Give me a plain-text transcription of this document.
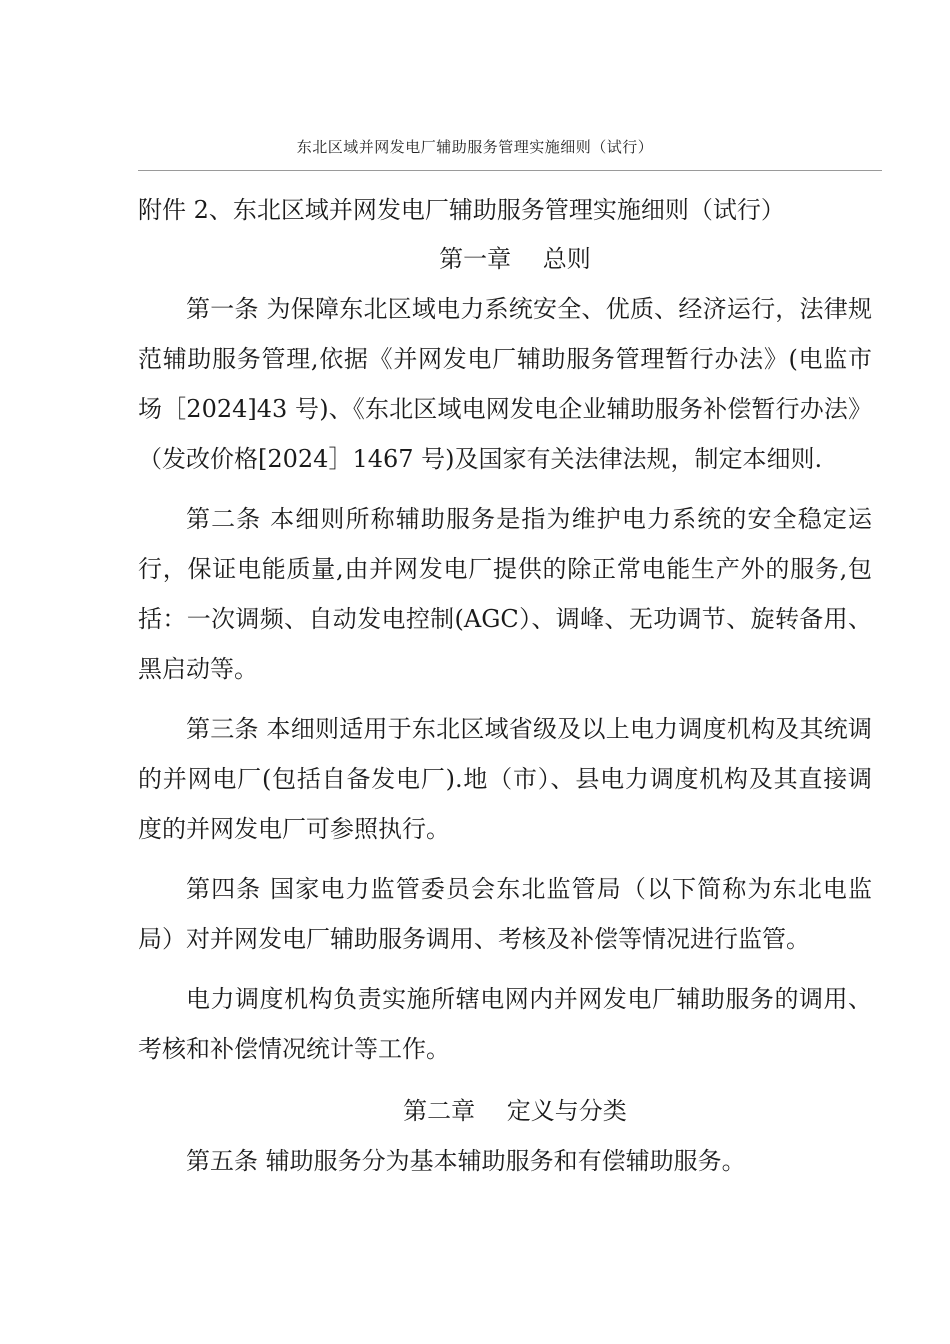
东北区域并网发电厂辅助服务管理实施细则（试行）
附件 2、东北区域并网发电厂辅助服务管理实施细则（试行）
第一章　 总则

第一条 为保障东北区域电力系统安全、优质、经济运行，法律规范辅助服务管理,依据《并网发电厂辅助服务管理暂行办法》(电监市场［2024]43 号)、《东北区域电网发电企业辅助服务补偿暂行办法》（发改价格[2024］1467 号)及国家有关法律法规，制定本细则.

第二条 本细则所称辅助服务是指为维护电力系统的安全稳定运行，保证电能质量,由并网发电厂提供的除正常电能生产外的服务,包括：一次调频、自动发电控制(AGC）、调峰、无功调节、旋转备用、黑启动等。

第三条 本细则适用于东北区域省级及以上电力调度机构及其统调的并网电厂(包括自备发电厂).地（市）、县电力调度机构及其直接调度的并网发电厂可参照执行。

第四条 国家电力监管委员会东北监管局（以下简称为东北电监局）对并网发电厂辅助服务调用、考核及补偿等情况进行监管。

电力调度机构负责实施所辖电网内并网发电厂辅助服务的调用、考核和补偿情况统计等工作。

第二章　 定义与分类

第五条 辅助服务分为基本辅助服务和有偿辅助服务。
